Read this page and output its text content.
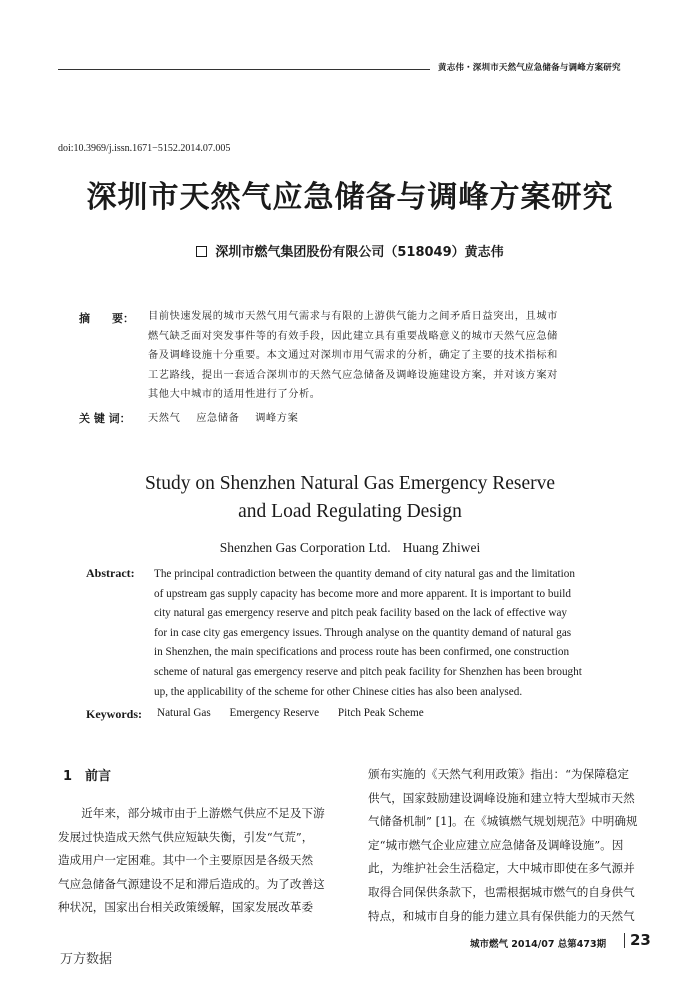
黄志伟・深圳市天然气应急储备与调峰方案研究
doi:10.3969/j.issn.1671−5152.2014.07.005
深圳市天然气应急储备与调峰方案研究
深圳市燃气集团股份有限公司（518049）黄志伟
摘　　要： 目前快速发展的城市天然气用气需求与有限的上游供气能力之间矛盾日益突出，且城市
燃气缺乏面对突发事件等的有效手段，因此建立具有重要战略意义的城市天然气应急储
备及调峰设施十分重要。本文通过对深圳市用气需求的分析，确定了主要的技术指标和
工艺路线，提出一套适合深圳市的天然气应急储备及调峰设施建设方案，并对该方案对
其他大中城市的适用性进行了分析。
关 键 词： 天然气 应急储备 调峰方案
Study on Shenzhen Natural Gas Emergency Reserve
and Load Regulating Design
Shenzhen Gas Corporation Ltd. Huang Zhiwei
Abstract: The principal contradiction between the quantity demand of city natural gas and the limitation
of upstream gas supply capacity has become more and more apparent. It is important to build
city natural gas emergency reserve and pitch peak facility based on the lack of effective way
for in case city gas emergency issues. Through analyse on the quantity demand of natural gas
in Shenzhen, the main specifications and process route has been confirmed, one construction
scheme of natural gas emergency reserve and pitch peak facility for Shenzhen has been brought
up, the applicability of the scheme for other Chinese cities has also been analysed.
Keywords: Natural Gas Emergency Reserve Pitch Peak Scheme
1 前言
　　近年来，部分城市由于上游燃气供应不足及下游
发展过快造成天然气供应短缺失衡，引发“气荒”，
造成用户一定困难。其中一个主要原因是各级天然
气应急储备气源建设不足和滞后造成的。为了改善这
种状况，国家出台相关政策缓解，国家发展改革委
颁布实施的《天然气利用政策》指出：“为保障稳定
供气，国家鼓励建设调峰设施和建立特大型城市天然
气储备机制” [1]。在《城镇燃气规划规范》中明确规
定“城市燃气企业应建立应急储备及调峰设施”。因
此，为维护社会生活稳定，大中城市即使在多气源并
取得合同保供条款下，也需根据城市燃气的自身供气
特点，和城市自身的能力建立具有保供能力的天然气
城市燃气 2014/07 总第473期 23
万方数据
